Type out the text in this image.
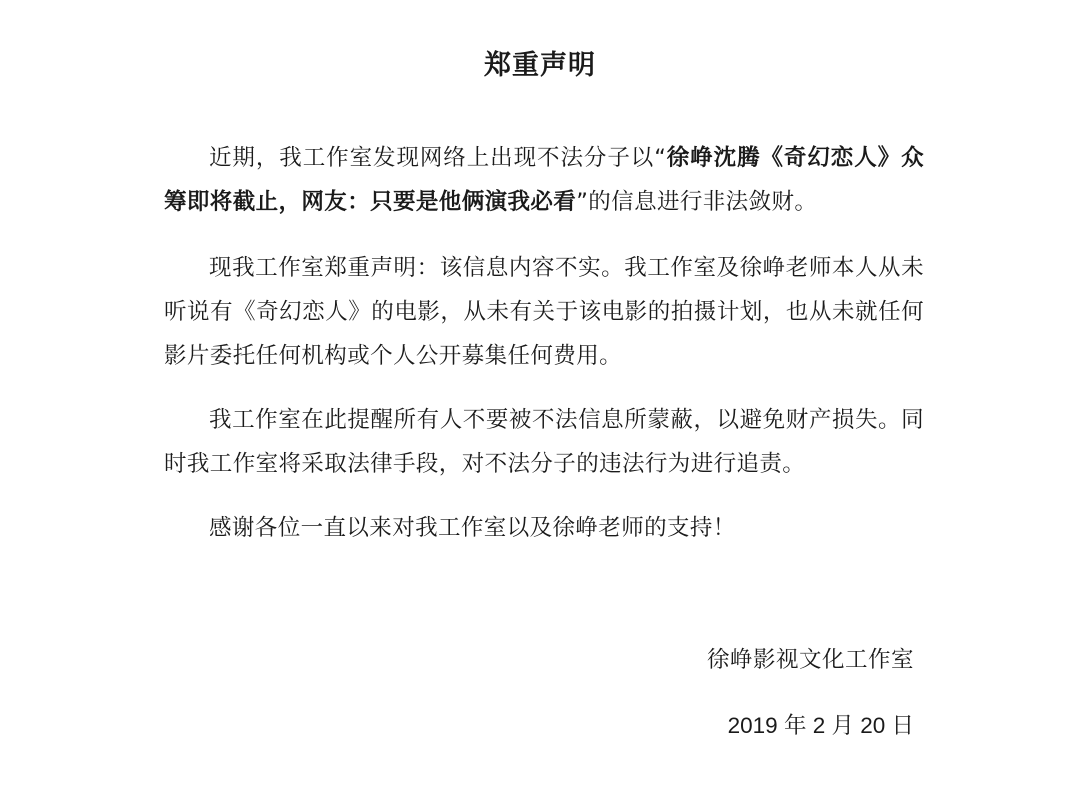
郑重声明

近期，我工作室发现网络上出现不法分子以“徐峥沈腾《奇幻恋人》众筹即将截止，网友：只要是他俩演我必看”的信息进行非法敛财。

现我工作室郑重声明：该信息内容不实。我工作室及徐峥老师本人从未听说有《奇幻恋人》的电影，从未有关于该电影的拍摄计划，也从未就任何影片委托任何机构或个人公开募集任何费用。

我工作室在此提醒所有人不要被不法信息所蒙蔽，以避免财产损失。同时我工作室将采取法律手段，对不法分子的违法行为进行追责。

感谢各位一直以来对我工作室以及徐峥老师的支持！

徐峥影视文化工作室
2019 年 2 月 20 日
